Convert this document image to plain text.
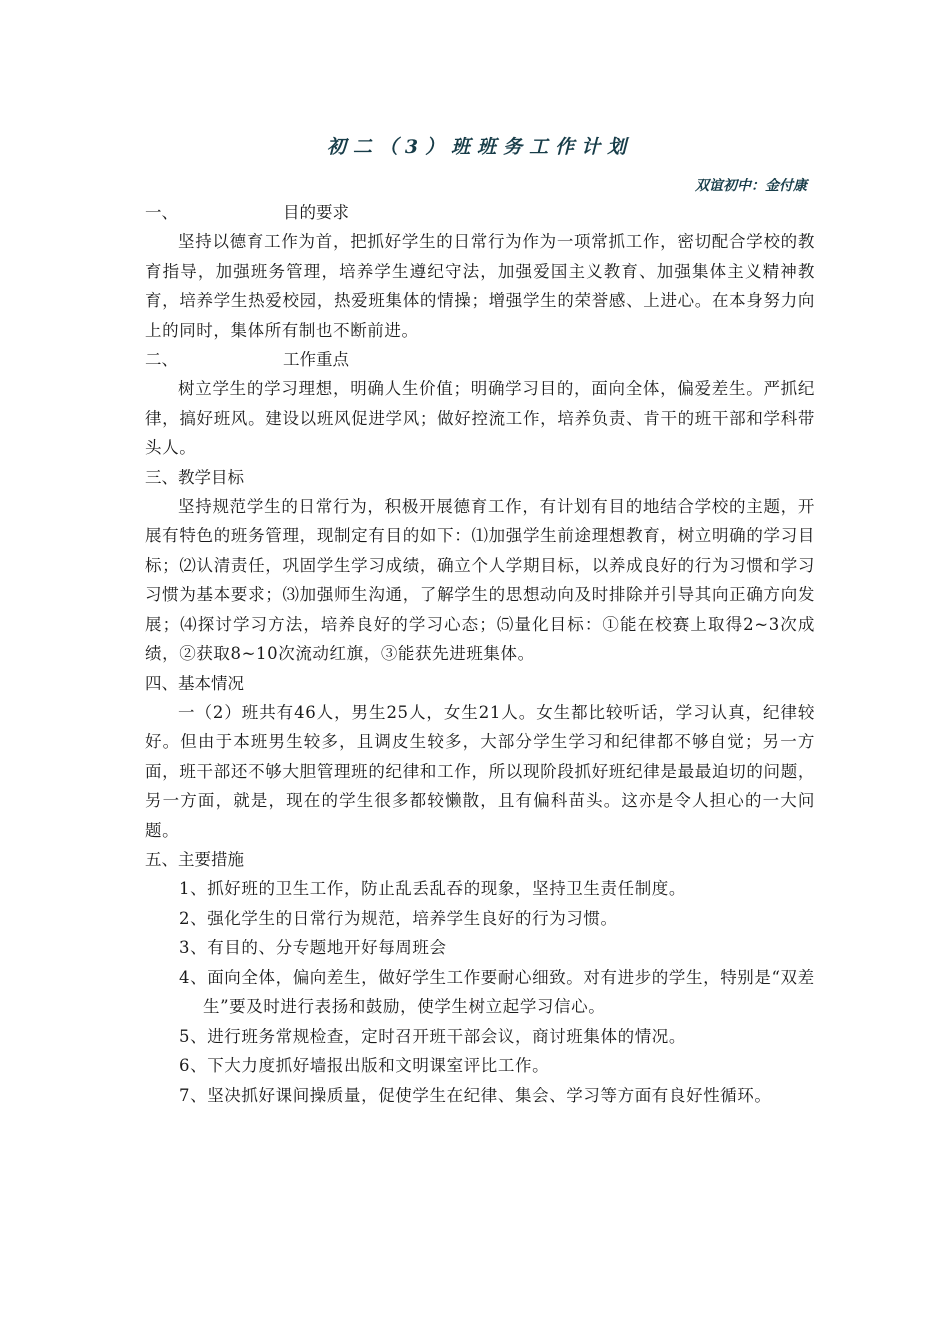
初二（3）班班务工作计划
双谊初中：金付康
一、	目的要求

坚持以德育工作为首，把抓好学生的日常行为作为一项常抓工作，密切配合学校的教育指导，加强班务管理，培养学生遵纪守法，加强爱国主义教育、加强集体主义精神教育，培养学生热爱校园，热爱班集体的情操；增强学生的荣誉感、上进心。在本身努力向上的同时，集体所有制也不断前进。

二、	工作重点

树立学生的学习理想，明确人生价值；明确学习目的，面向全体，偏爱差生。严抓纪律，搞好班风。建设以班风促进学风；做好控流工作，培养负责、肯干的班干部和学科带头人。

三、教学目标

坚持规范学生的日常行为，积极开展德育工作，有计划有目的地结合学校的主题，开展有特色的班务管理，现制定有目的如下：⑴加强学生前途理想教育，树立明确的学习目标；⑵认清责任，巩固学生学习成绩，确立个人学期目标，以养成良好的行为习惯和学习习惯为基本要求；⑶加强师生沟通，了解学生的思想动向及时排除并引导其向正确方向发展；⑷探讨学习方法，培养良好的学习心态；⑸量化目标：①能在校赛上取得2~3次成绩，②获取8~10次流动红旗，③能获先进班集体。

四、基本情况

一（2）班共有46人，男生25人，女生21人。女生都比较听话，学习认真，纪律较好。但由于本班男生较多，且调皮生较多，大部分学生学习和纪律都不够自觉；另一方面，班干部还不够大胆管理班的纪律和工作，所以现阶段抓好班纪律是最最迫切的问题，另一方面，就是，现在的学生很多都较懒散，且有偏科苗头。这亦是令人担心的一大问题。

五、主要措施
1、抓好班的卫生工作，防止乱丢乱吞的现象，坚持卫生责任制度。
2、强化学生的日常行为规范，培养学生良好的行为习惯。
3、有目的、分专题地开好每周班会
4、面向全体，偏向差生，做好学生工作要耐心细致。对有进步的学生，特别是“双差生”要及时进行表扬和鼓励，使学生树立起学习信心。
5、进行班务常规检查，定时召开班干部会议，商讨班集体的情况。
6、下大力度抓好墙报出版和文明课室评比工作。
7、坚决抓好课间操质量，促使学生在纪律、集会、学习等方面有良好性循环。
